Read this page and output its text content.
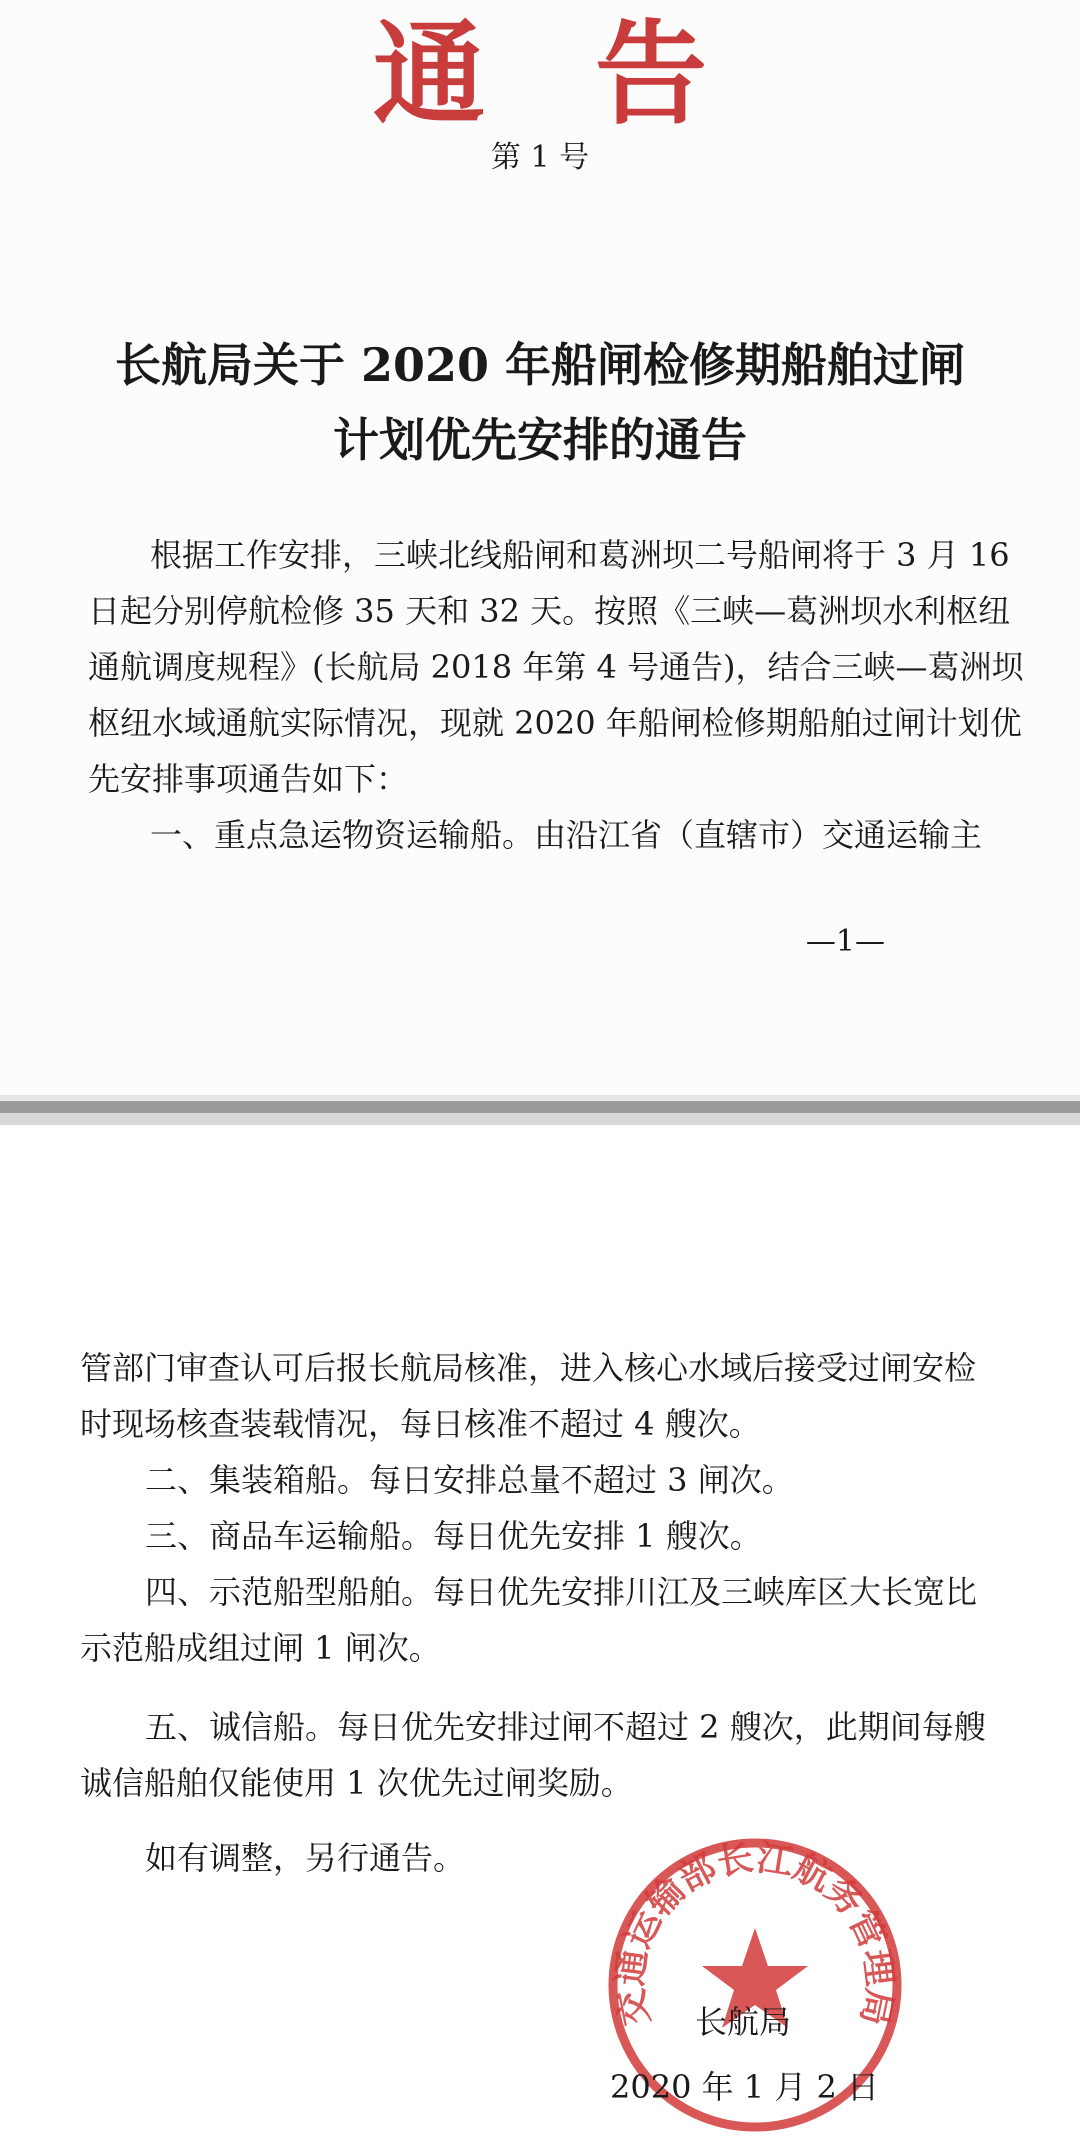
通告
第 1 号
长航局关于 2020 年船闸检修期船舶过闸
计划优先安排的通告
根据工作安排，三峡北线船闸和葛洲坝二号船闸将于 3 月 16
日起分别停航检修 35 天和 32 天。按照《三峡—葛洲坝水利枢纽
通航调度规程》(长航局 2018 年第 4 号通告)，结合三峡—葛洲坝
枢纽水域通航实际情况，现就 2020 年船闸检修期船舶过闸计划优
先安排事项通告如下：
一、重点急运物资运输船。由沿江省（直辖市）交通运输主
—1—
管部门审查认可后报长航局核准，进入核心水域后接受过闸安检
时现场核查装载情况，每日核准不超过 4 艘次。
二、集装箱船。每日安排总量不超过 3 闸次。
三、商品车运输船。每日优先安排 1 艘次。
四、示范船型船舶。每日优先安排川江及三峡库区大长宽比
示范船成组过闸 1 闸次。
五、诚信船。每日优先安排过闸不超过 2 艘次，此期间每艘
诚信船舶仅能使用 1 次优先过闸奖励。
如有调整，另行通告。
交通运输部长江航务管理局
长航局
2020 年 1 月 2 日
